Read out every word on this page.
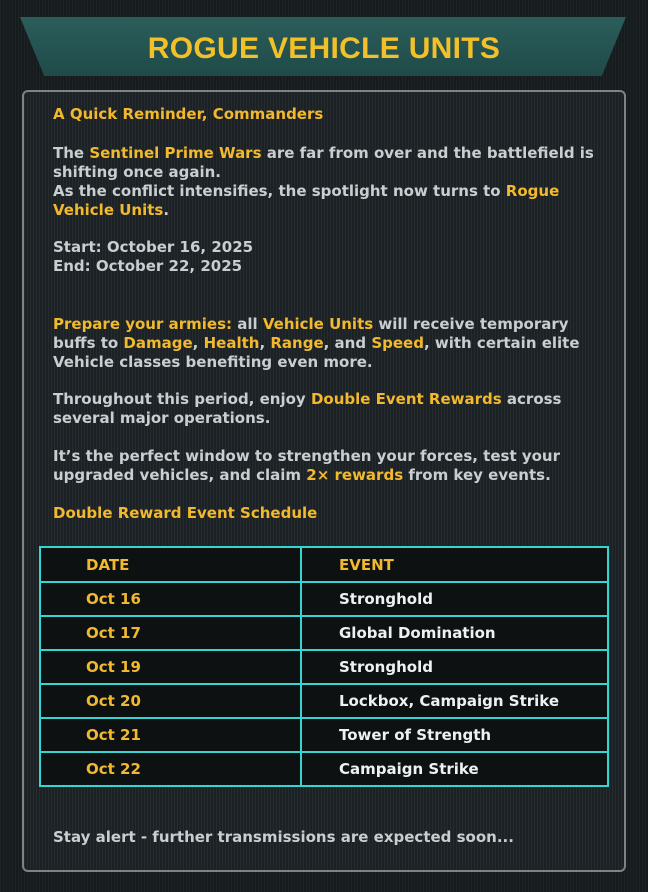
ROGUE VEHICLE UNITS

A Quick Reminder, Commanders

The Sentinel Prime Wars are far from over and the battlefield is shifting once again.
As the conflict intensifies, the spotlight now turns to Rogue Vehicle Units.

Start: October 16, 2025

End: October 22, 2025

Prepare your armies: all Vehicle Units will receive temporary buffs to Damage, Health, Range, and Speed, with certain elite Vehicle classes benefiting even more.

Throughout this period, enjoy Double Event Rewards across several major operations.

It’s the perfect window to strengthen your forces, test your upgraded vehicles, and claim 2× rewards from key events.

Double Reward Event Schedule

DATE	EVENT
Oct 16	Stronghold
Oct 17	Global Domination
Oct 19	Stronghold
Oct 20	Lockbox, Campaign Strike
Oct 21	Tower of Strength
Oct 22	Campaign Strike

Stay alert - further transmissions are expected soon...
